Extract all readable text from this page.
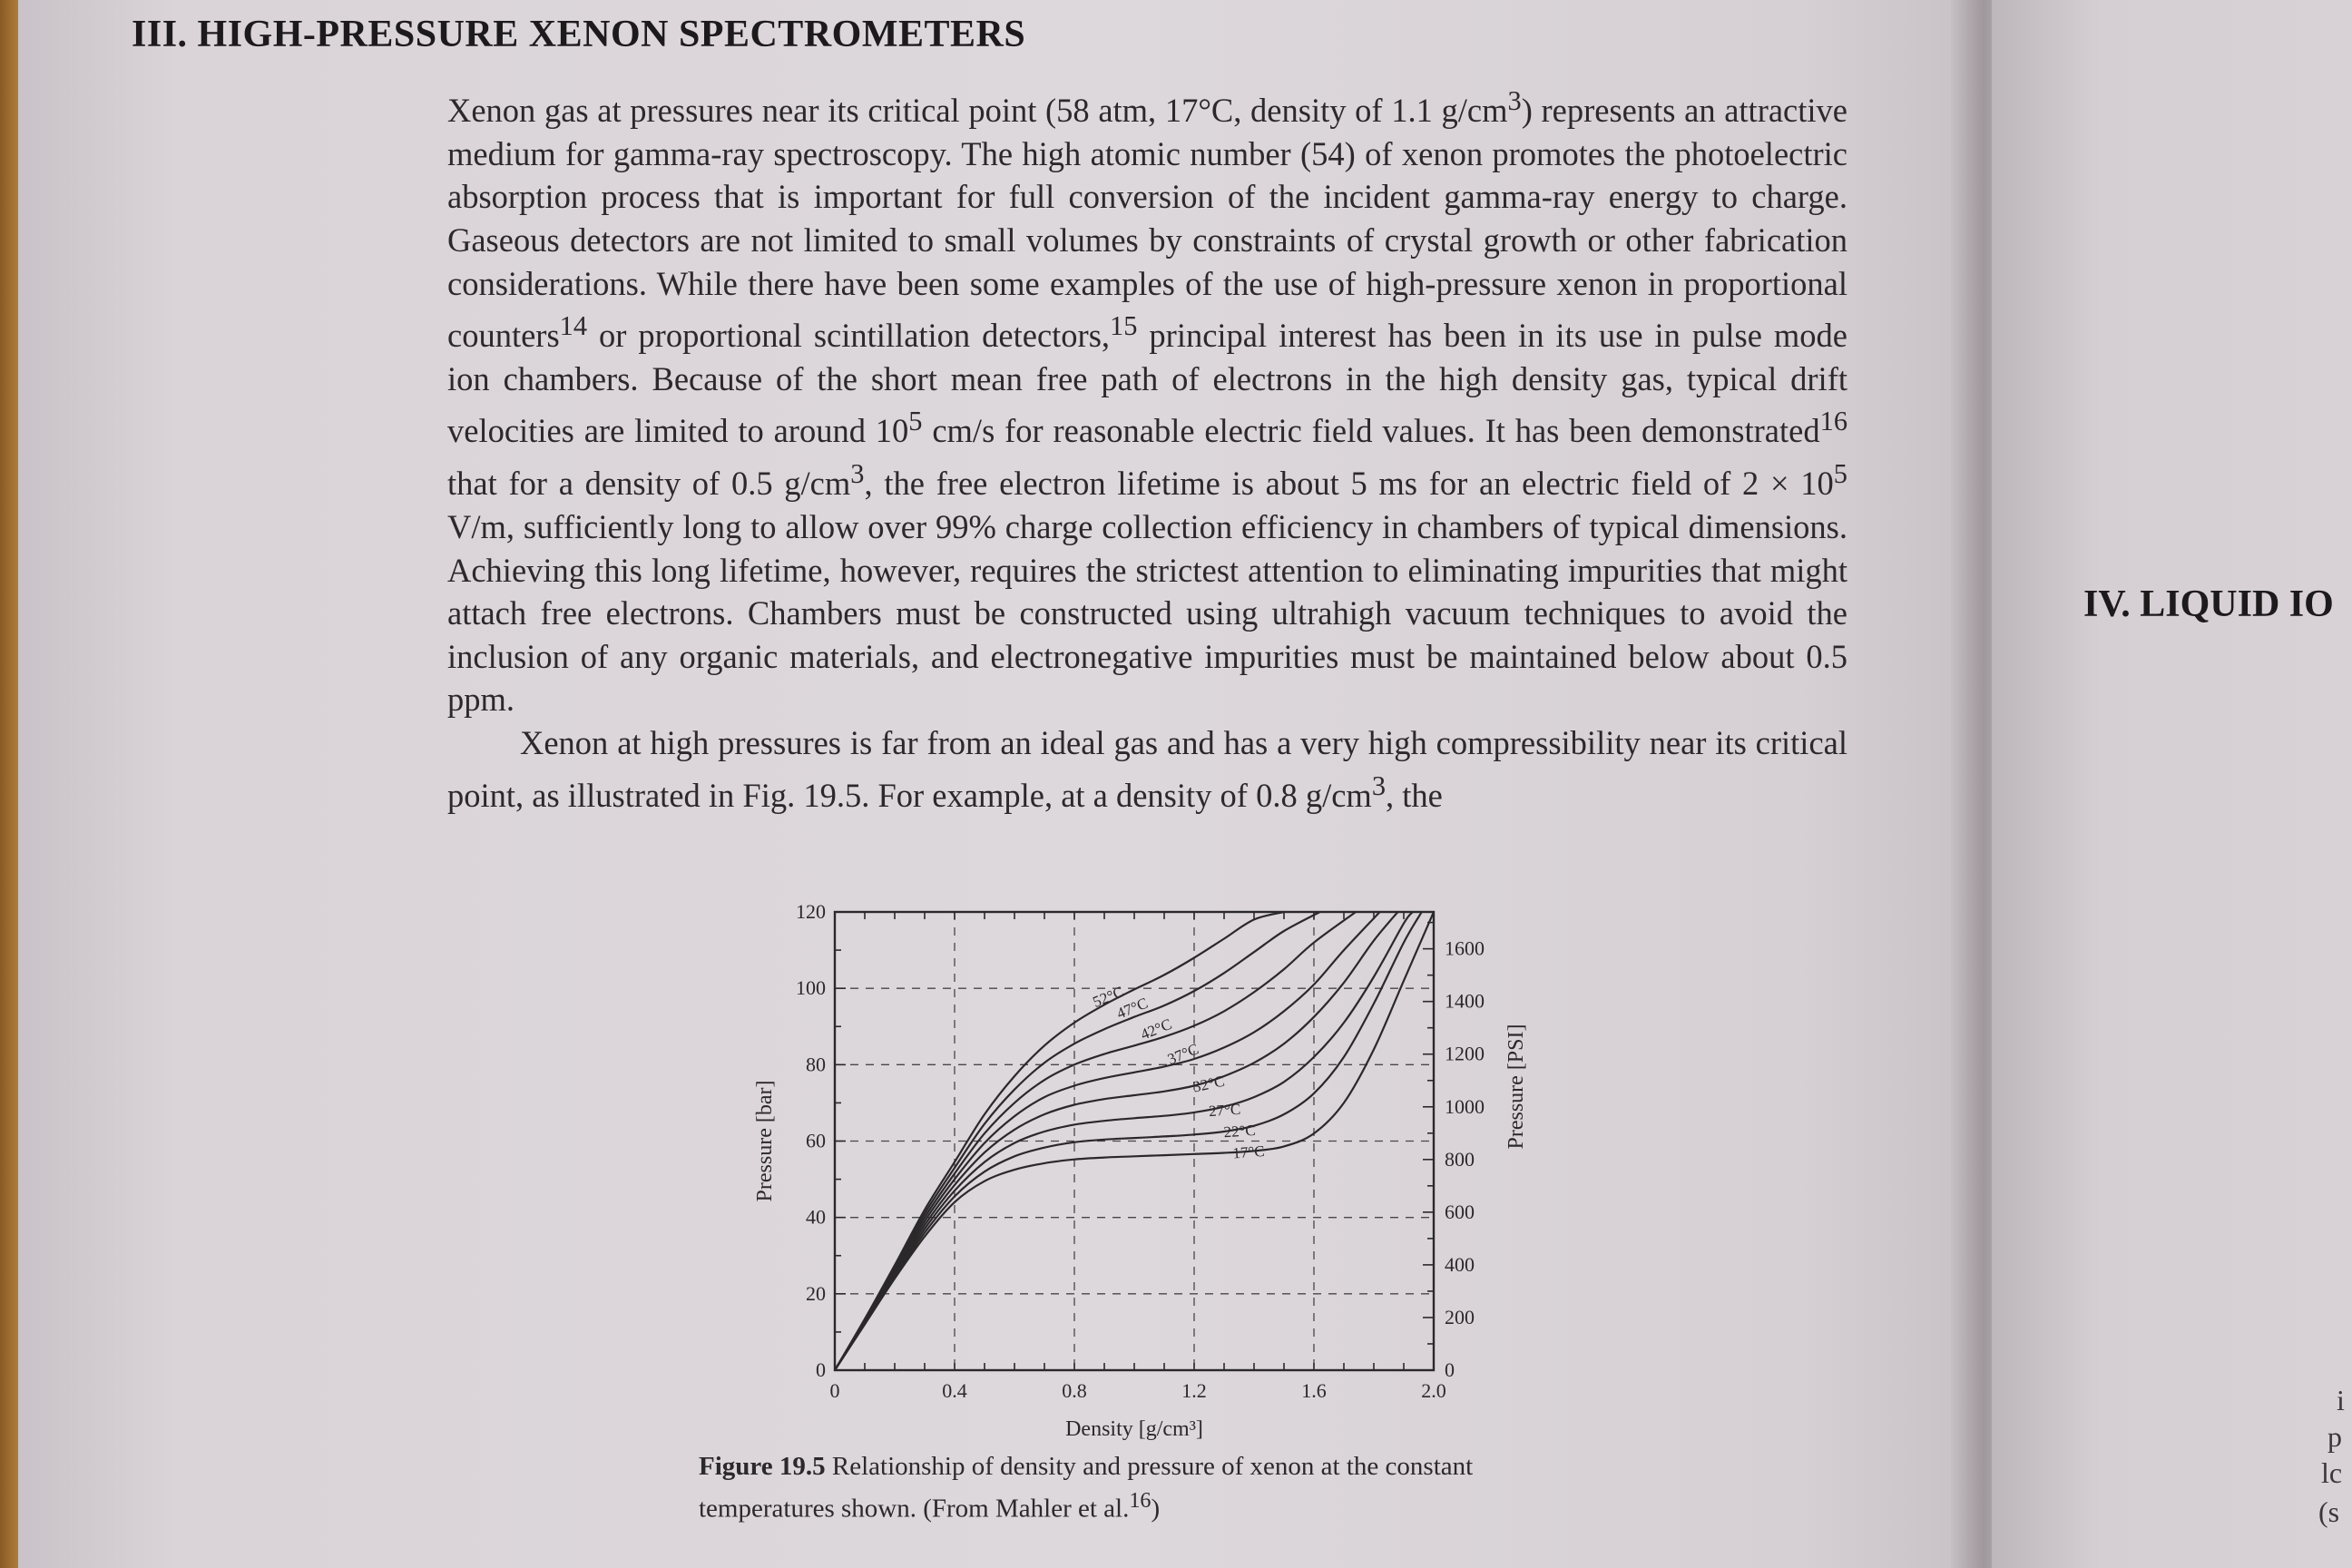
III. HIGH-PRESSURE XENON SPECTROMETERS

Xenon gas at pressures near its critical point (58 atm, 17°C, density of 1.1 $g/cm^3$) represents an attractive medium for gamma-ray spectroscopy. The high atomic number (54) of xenon promotes the photoelectric absorption process that is important for full conversion of the incident gamma-ray energy to charge. Gaseous detectors are not limited to small volumes by constraints of crystal growth or other fabrication considerations. While there have been some examples of the use of high-pressure xenon in proportional counters$^{14}$ or proportional scintillation detectors,$^{15}$ principal interest has been in its use in pulse mode ion chambers. Because of the short mean free path of electrons in the high density gas, typical drift velocities are limited to around $10^5$ cm/s for reasonable electric field values. It has been demonstrated$^{16}$ that for a density of 0.5 $g/cm^3$, the free electron lifetime is about 5 ms for an electric field of $2 \times 10^5$ V/m, sufficiently long to allow over 99% charge collection efficiency in chambers of typical dimensions. Achieving this long lifetime, however, requires the strictest attention to eliminating impurities that might attach free electrons. Chambers must be constructed using ultrahigh vacuum techniques to avoid the inclusion of any organic materials, and electronegative impurities must be maintained below about 0.5 ppm.

Xenon at high pressures is far from an ideal gas and has a very high compressibility near its critical point, as illustrated in Fig. 19.5. For example, at a density of 0.8 $g/cm^3$, the

52°C
47°C
42°C
37°C
32°C
27°C
22°C
17°C
0	0.4	0.8	1.2	1.6	2.0
0
20
40
60
80
100
120
0
200
400
600
800
1000
1200
1400
1600
Density [g/cm³]
Pressure [bar]	Pressure [PSI]
Figure 19.5 Relationship of density and pressure of xenon at the constant temperatures shown. (From Mahler et al.$^{16}$)
IV. LIQUID IO
i
p
lc
(s
